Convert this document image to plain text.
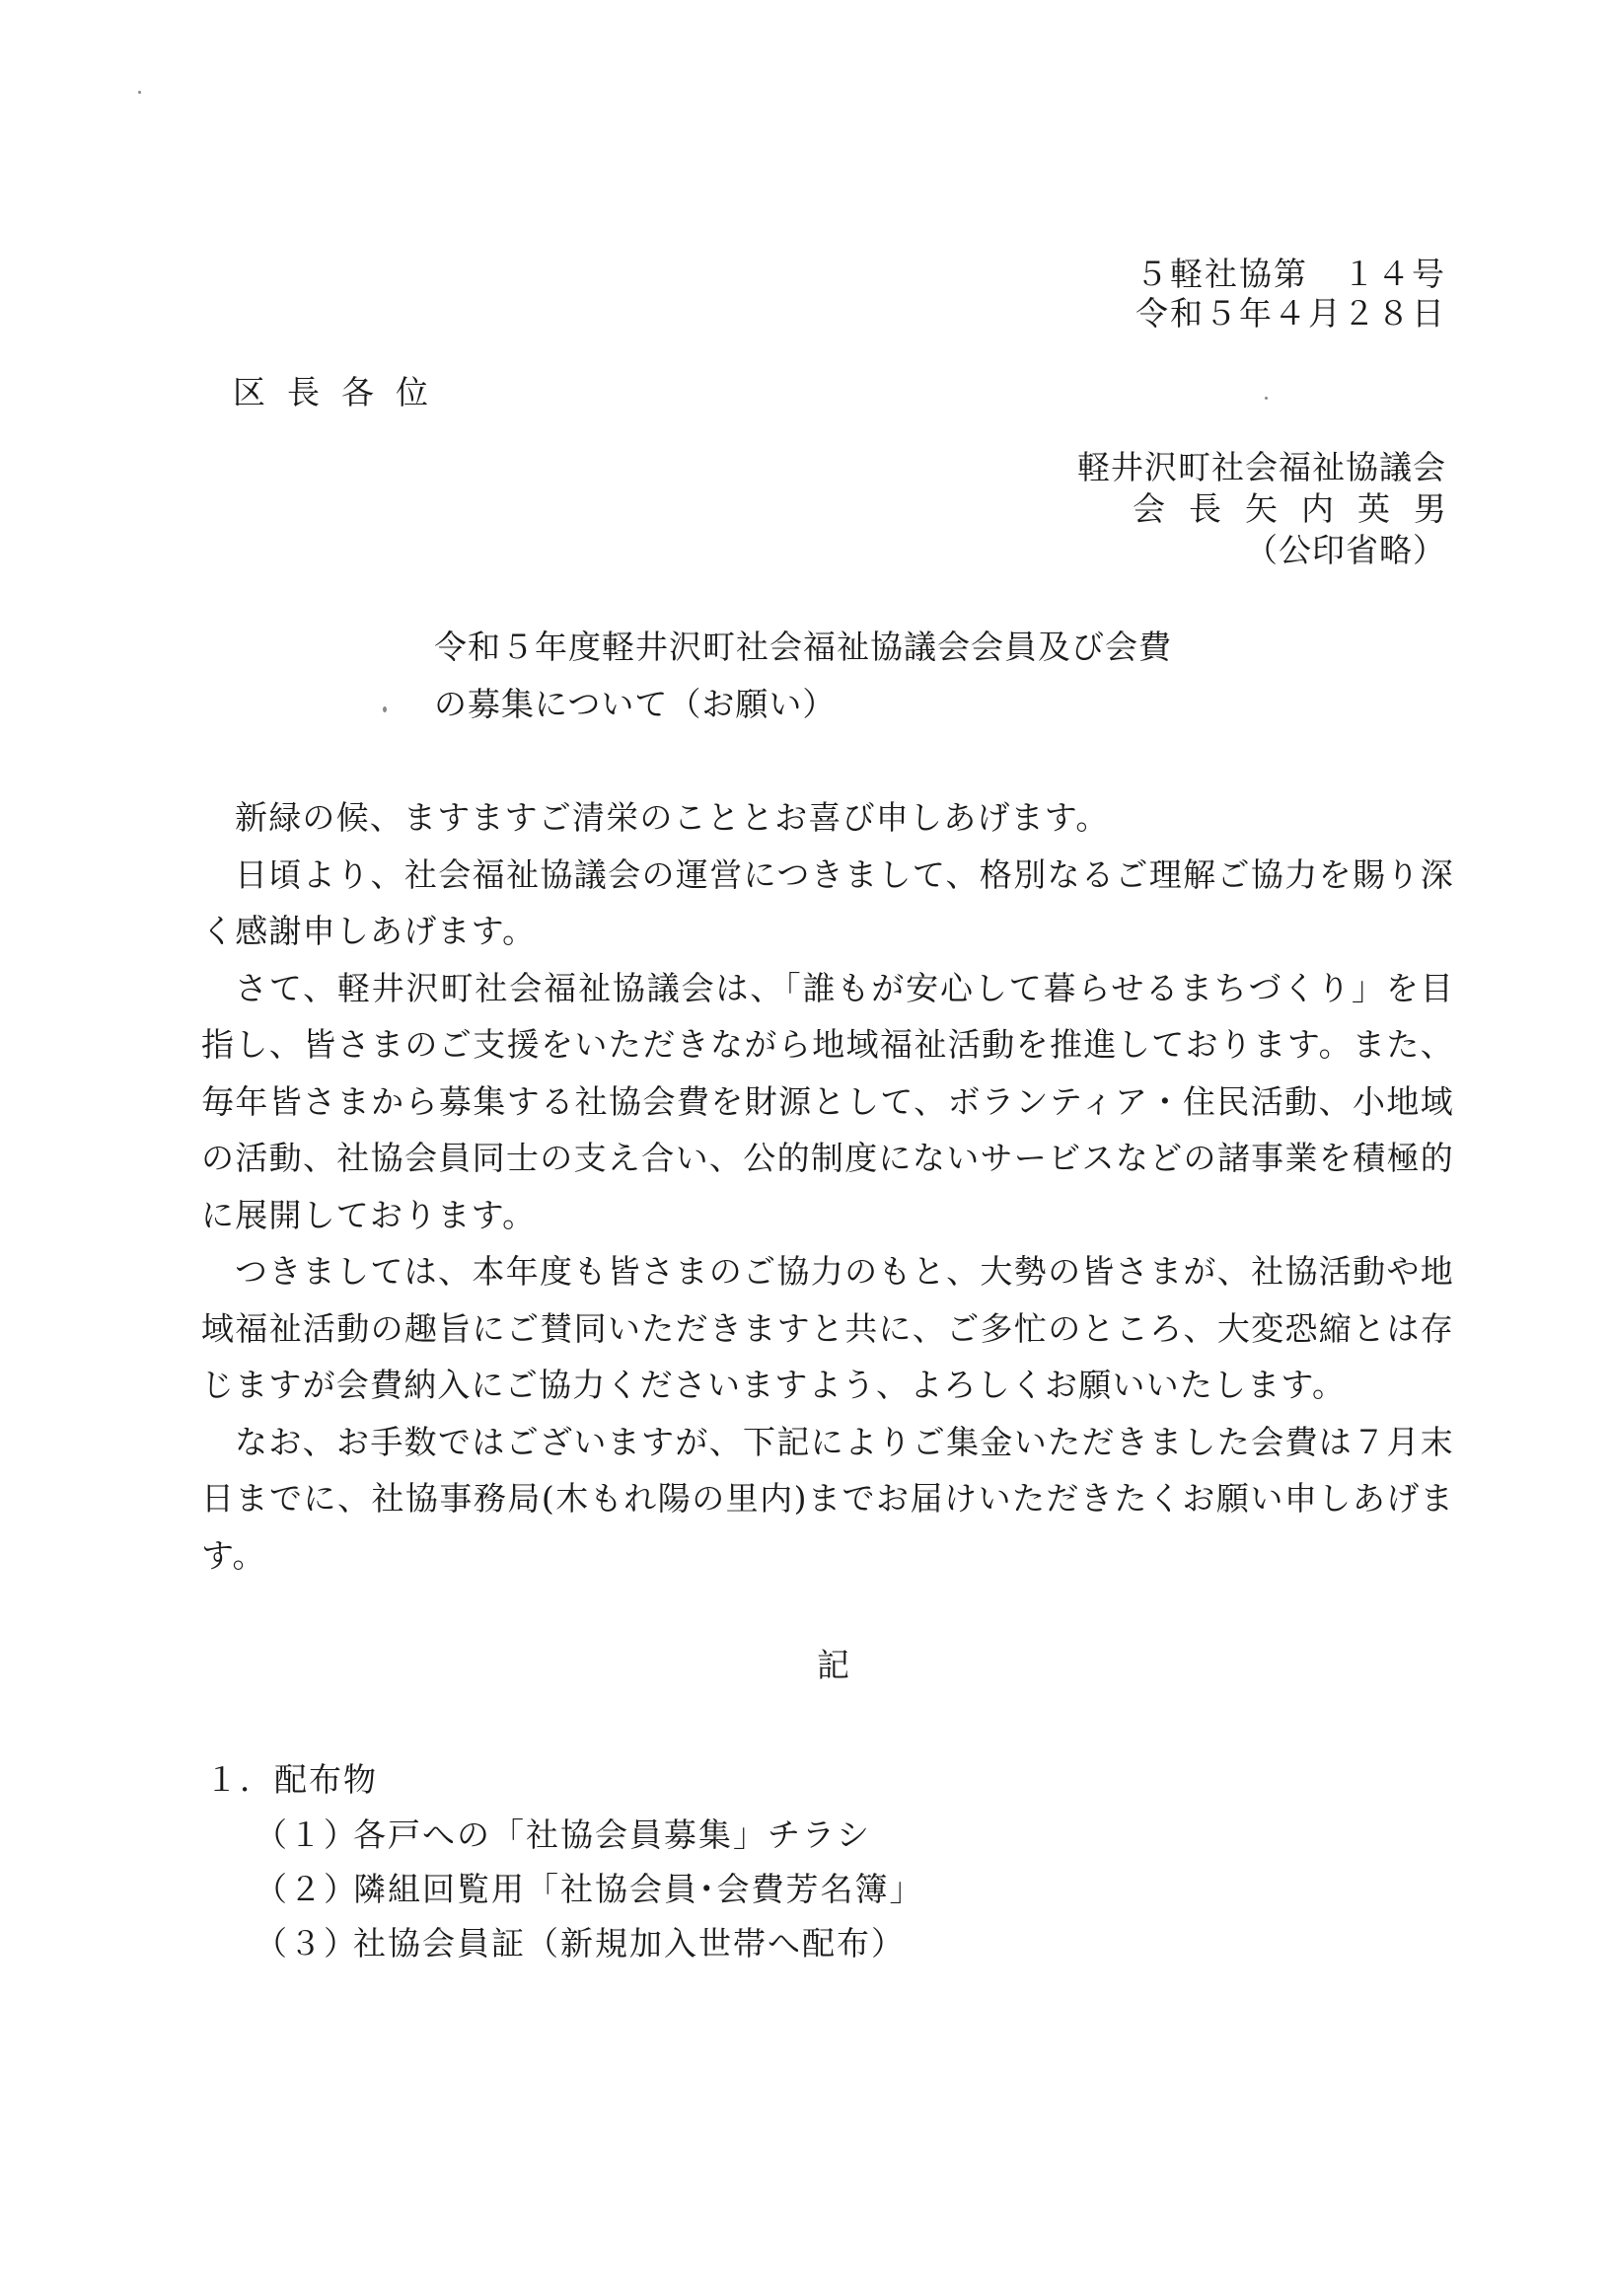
５軽社協第　１４号
令和５年４月２８日
区長各位
軽井沢町社会福祉協議会
会長矢内英男
（公印省略）
令和５年度軽井沢町社会福祉協議会会員及び会費
の募集について（お願い）

新緑の候、ますますご清栄のこととお喜び申しあげます。

日頃より、社会福祉協議会の運営につきまして、格別なるご理解ご協力を賜り深く感謝申しあげます。

さて、軽井沢町社会福祉協議会は、「誰もが安心して暮らせるまちづくり」を目指し、皆さまのご支援をいただきながら地域福祉活動を推進しております。また、毎年皆さまから募集する社協会費を財源として、ボランティア・住民活動、小地域の活動、社協会員同士の支え合い、公的制度にないサービスなどの諸事業を積極的に展開しております。

つきましては、本年度も皆さまのご協力のもと、大勢の皆さまが、社協活動や地域福祉活動の趣旨にご賛同いただきますと共に、ご多忙のところ、大変恐縮とは存じますが会費納入にご協力くださいますよう、よろしくお願いいたします。

なお、お手数ではございますが、下記によりご集金いただきました会費は７月末日までに、社協事務局(木もれ陽の里内)までお届けいただきたくお願い申しあげます。

記
１．配布物
（１）各戸への「社協会員募集」チラシ
（２）隣組回覧用「社協会員･会費芳名簿」
（３）社協会員証（新規加入世帯へ配布）
